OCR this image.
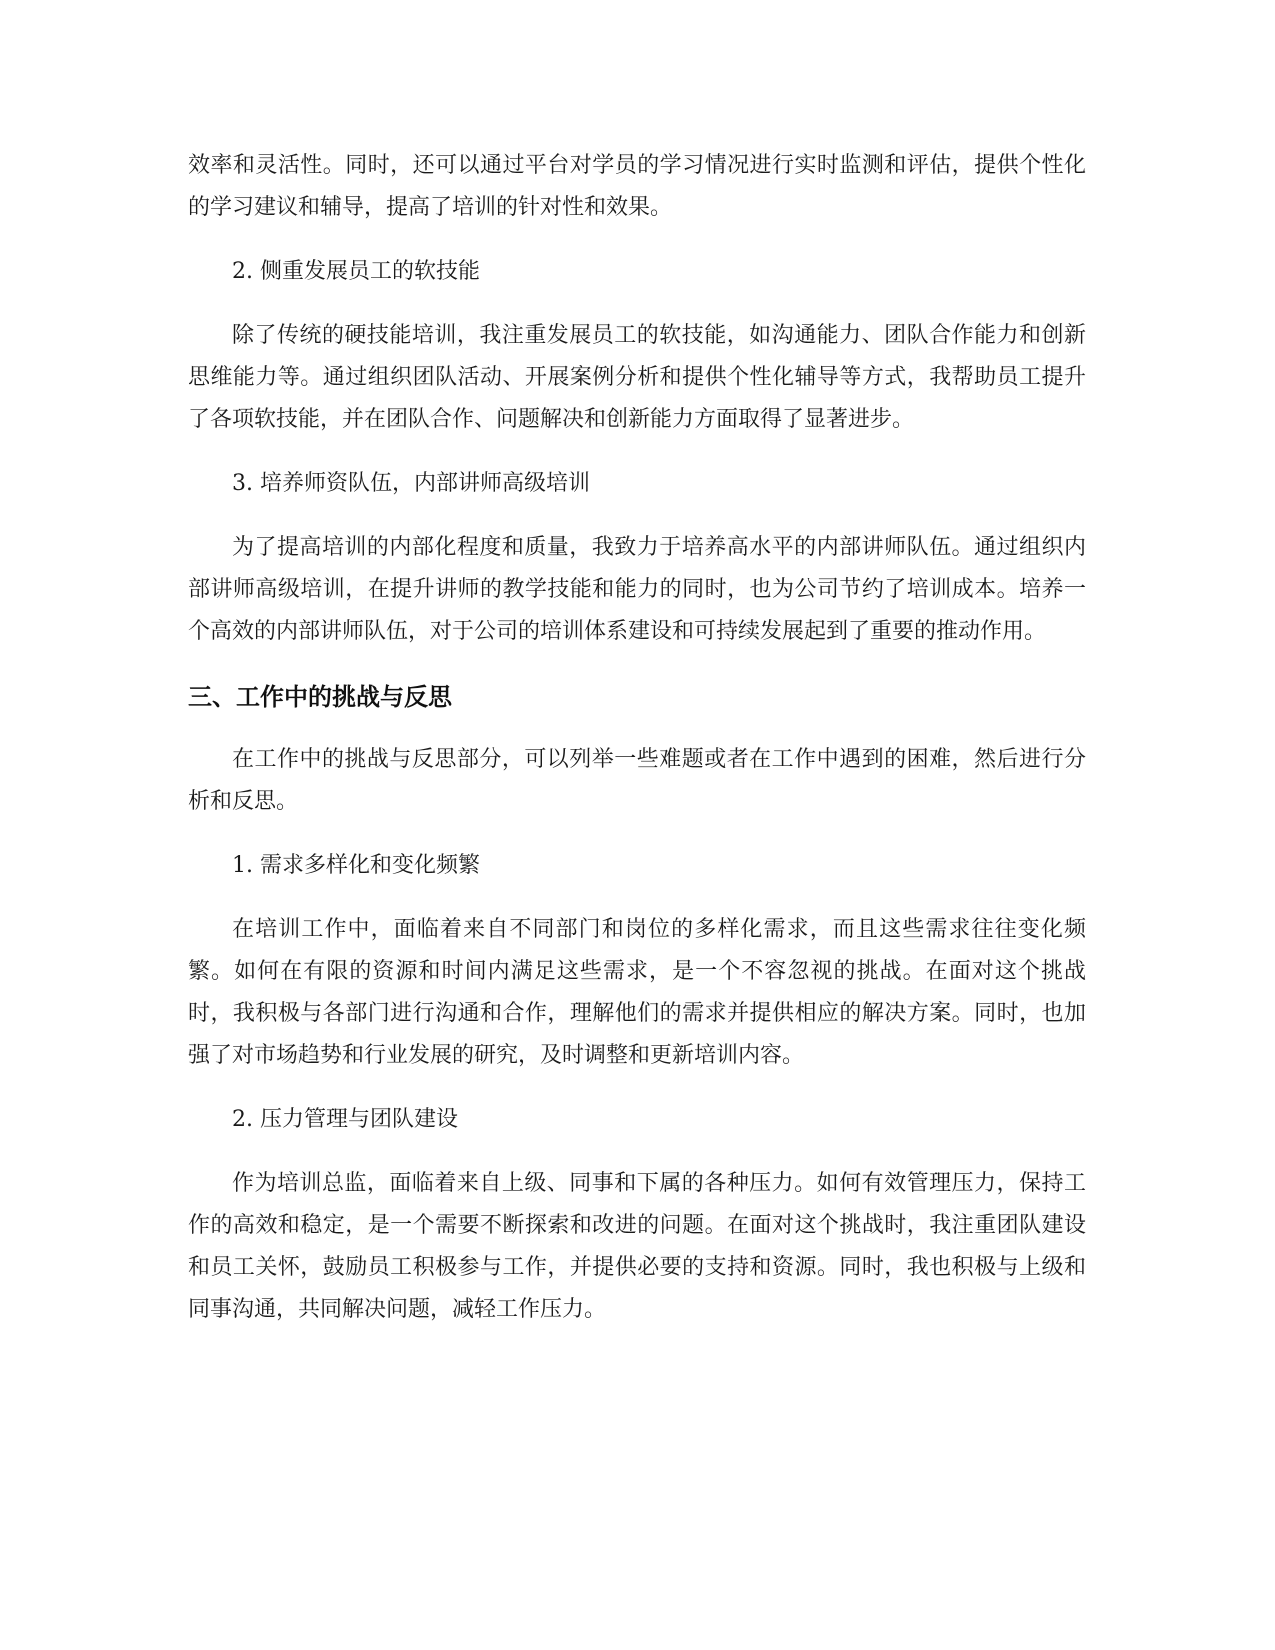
效率和灵活性。同时，还可以通过平台对学员的学习情况进行实时监测和评估，提供个性化的学习建议和辅导，提高了培训的针对性和效果。

2. 侧重发展员工的软技能

除了传统的硬技能培训，我注重发展员工的软技能，如沟通能力、团队合作能力和创新思维能力等。通过组织团队活动、开展案例分析和提供个性化辅导等方式，我帮助员工提升了各项软技能，并在团队合作、问题解决和创新能力方面取得了显著进步。

3. 培养师资队伍，内部讲师高级培训

为了提高培训的内部化程度和质量，我致力于培养高水平的内部讲师队伍。通过组织内部讲师高级培训，在提升讲师的教学技能和能力的同时，也为公司节约了培训成本。培养一个高效的内部讲师队伍，对于公司的培训体系建设和可持续发展起到了重要的推动作用。

三、工作中的挑战与反思

在工作中的挑战与反思部分，可以列举一些难题或者在工作中遇到的困难，然后进行分析和反思。

1. 需求多样化和变化频繁

在培训工作中，面临着来自不同部门和岗位的多样化需求，而且这些需求往往变化频繁。如何在有限的资源和时间内满足这些需求，是一个不容忽视的挑战。在面对这个挑战时，我积极与各部门进行沟通和合作，理解他们的需求并提供相应的解决方案。同时，也加强了对市场趋势和行业发展的研究，及时调整和更新培训内容。

2. 压力管理与团队建设

作为培训总监，面临着来自上级、同事和下属的各种压力。如何有效管理压力，保持工作的高效和稳定，是一个需要不断探索和改进的问题。在面对这个挑战时，我注重团队建设和员工关怀，鼓励员工积极参与工作，并提供必要的支持和资源。同时，我也积极与上级和同事沟通，共同解决问题，减轻工作压力。
